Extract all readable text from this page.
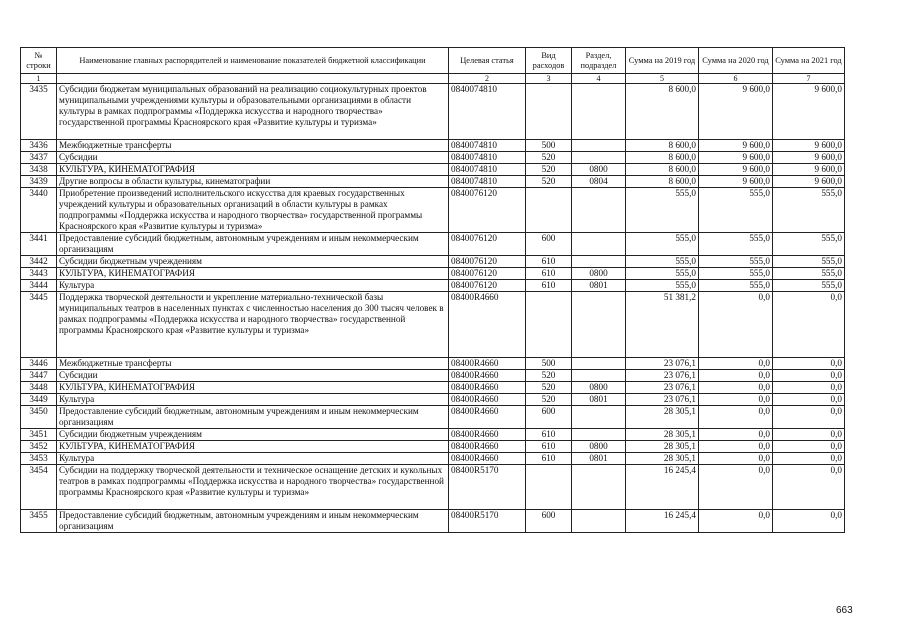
№ строки	Наименование главных распорядителей и наименование показателей бюджетной классификации	Целевая статья	Вид расходов	Раздел, подраздел	Сумма на 2019 год	Сумма на 2020 год	Сумма на 2021 год
1		2	3	4	5	6	7
3435	Субсидии бюджетам муниципальных образований на реализацию социокультурных проектов муниципальными учреждениями культуры и образовательными организациями в области культуры в рамках подпрограммы «Поддержка искусства и народного творчества» государственной программы Красноярского края «Развитие культуры и туризма»	0840074810			8 600,0	9 600,0	9 600,0
3436	Межбюджетные трансферты	0840074810	500		8 600,0	9 600,0	9 600,0
3437	Субсидии	0840074810	520		8 600,0	9 600,0	9 600,0
3438	КУЛЬТУРА, КИНЕМАТОГРАФИЯ	0840074810	520	0800	8 600,0	9 600,0	9 600,0
3439	Другие вопросы в области культуры, кинематографии	0840074810	520	0804	8 600,0	9 600,0	9 600,0
3440	Приобретение произведений исполнительского искусства для краевых государственных учреждений культуры и образовательных организаций в области культуры в рамках подпрограммы «Поддержка искусства и народного творчества» государственной программы Красноярского края «Развитие культуры и туризма»	0840076120			555,0	555,0	555,0
3441	Предоставление субсидий бюджетным, автономным учреждениям и иным некоммерческим организациям	0840076120	600		555,0	555,0	555,0
3442	Субсидии бюджетным учреждениям	0840076120	610		555,0	555,0	555,0
3443	КУЛЬТУРА, КИНЕМАТОГРАФИЯ	0840076120	610	0800	555,0	555,0	555,0
3444	Культура	0840076120	610	0801	555,0	555,0	555,0
3445	Поддержка творческой деятельности и укрепление материально-технической базы муниципальных театров в населенных пунктах с численностью населения до 300 тысяч человек в рамках подпрограммы «Поддержка искусства и народного творчества» государственной программы Красноярского края «Развитие культуры и туризма»	08400R4660			51 381,2	0,0	0,0
3446	Межбюджетные трансферты	08400R4660	500		23 076,1	0,0	0,0
3447	Субсидии	08400R4660	520		23 076,1	0,0	0,0
3448	КУЛЬТУРА, КИНЕМАТОГРАФИЯ	08400R4660	520	0800	23 076,1	0,0	0,0
3449	Культура	08400R4660	520	0801	23 076,1	0,0	0,0
3450	Предоставление субсидий бюджетным, автономным учреждениям и иным некоммерческим организациям	08400R4660	600		28 305,1	0,0	0,0
3451	Субсидии бюджетным учреждениям	08400R4660	610		28 305,1	0,0	0,0
3452	КУЛЬТУРА, КИНЕМАТОГРАФИЯ	08400R4660	610	0800	28 305,1	0,0	0,0
3453	Культура	08400R4660	610	0801	28 305,1	0,0	0,0
3454	Субсидии на поддержку творческой деятельности и техническое оснащение детских и кукольных театров в рамках подпрограммы «Поддержка искусства и народного творчества» государственной программы Красноярского края «Развитие культуры и туризма»	08400R5170			16 245,4	0,0	0,0
3455	Предоставление субсидий бюджетным, автономным учреждениям и иным некоммерческим организациям	08400R5170	600		16 245,4	0,0	0,0
663
